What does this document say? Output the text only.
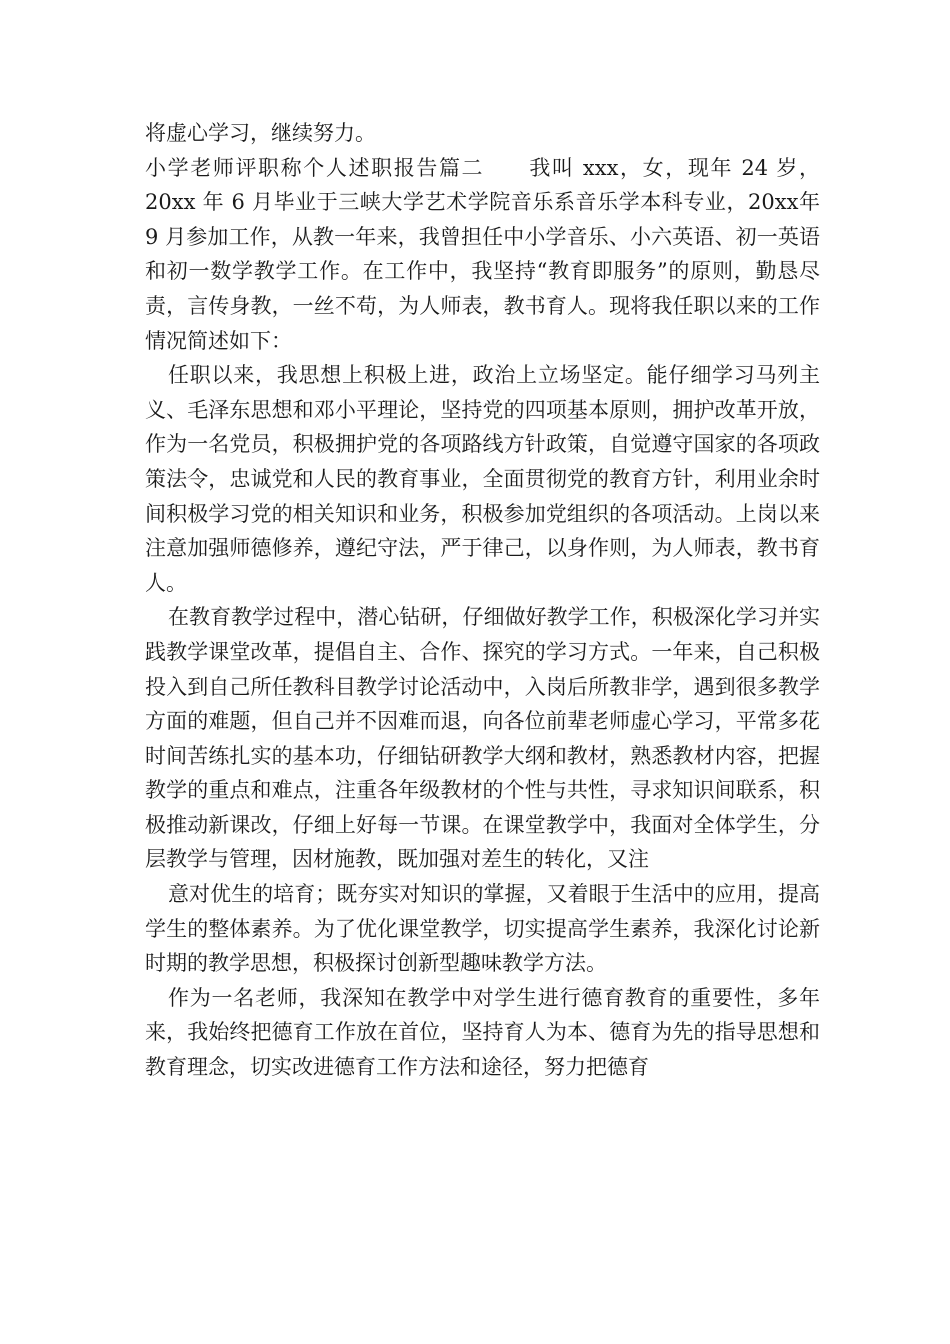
将虚心学习，继续努力。

小学老师评职称个人述职报告篇二　　我叫 xxx，女，现年 24 岁，20xx 年 6 月毕业于三峡大学艺术学院音乐系音乐学本科专业，20xx年 9 月参加工作，从教一年来，我曾担任中小学音乐、小六英语、初一英语和初一数学教学工作。在工作中，我坚持“教育即服务”的原则，勤恳尽责，言传身教，一丝不苟，为人师表，教书育人。现将我任职以来的工作情况简述如下：

任职以来，我思想上积极上进，政治上立场坚定。能仔细学习马列主义、毛泽东思想和邓小平理论，坚持党的四项基本原则，拥护改革开放，作为一名党员，积极拥护党的各项路线方针政策，自觉遵守国家的各项政策法令，忠诚党和人民的教育事业，全面贯彻党的教育方针，利用业余时间积极学习党的相关知识和业务，积极参加党组织的各项活动。上岗以来注意加强师德修养，遵纪守法，严于律己，以身作则，为人师表，教书育人。

在教育教学过程中，潜心钻研，仔细做好教学工作，积极深化学习并实践教学课堂改革，提倡自主、合作、探究的学习方式。一年来，自己积极投入到自己所任教科目教学讨论活动中，入岗后所教非学，遇到很多教学方面的难题，但自己并不因难而退，向各位前辈老师虚心学习，平常多花时间苦练扎实的基本功，仔细钻研教学大纲和教材，熟悉教材内容，把握教学的重点和难点，注重各年级教材的个性与共性，寻求知识间联系，积极推动新课改，仔细上好每一节课。在课堂教学中，我面对全体学生，分层教学与管理，因材施教，既加强对差生的转化，又注

意对优生的培育；既夯实对知识的掌握，又着眼于生活中的应用，提高学生的整体素养。为了优化课堂教学，切实提高学生素养，我深化讨论新时期的教学思想，积极探讨创新型趣味教学方法。

作为一名老师，我深知在教学中对学生进行德育教育的重要性，多年来，我始终把德育工作放在首位，坚持育人为本、德育为先的指导思想和教育理念，切实改进德育工作方法和途径，努力把德育
